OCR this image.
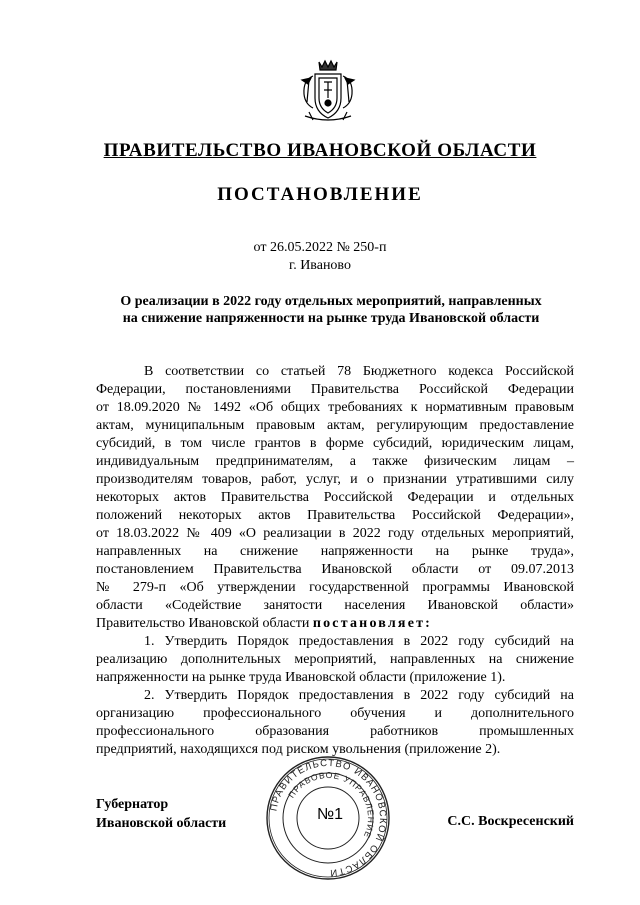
ПРАВИТЕЛЬСТВО ИВАНОВСКОЙ ОБЛАСТИ
ПОСТАНОВЛЕНИЕ
от 26.05.2022 № 250-п
г. Иваново
О реализации в 2022 году отдельных мероприятий, направленных
на снижение напряженности на рынке труда Ивановской области
В соответствии со статьей 78 Бюджетного кодекса Российской
Федерации, постановлениями Правительства Российской Федерации
от 18.09.2020 № 1492 «Об общих требованиях к нормативным правовым
актам, муниципальным правовым актам, регулирующим предоставление
субсидий, в том числе грантов в форме субсидий, юридическим лицам,
индивидуальным предпринимателям, а также физическим лицам –
производителям товаров, работ, услуг, и о признании утратившими силу
некоторых актов Правительства Российской Федерации и отдельных
положений некоторых актов Правительства Российской Федерации»,
от 18.03.2022 № 409 «О реализации в 2022 году отдельных мероприятий,
направленных на снижение напряженности на рынке труда»,
постановлением Правительства Ивановской области от 09.07.2013
№ 279-п «Об утверждении государственной программы Ивановской
области «Содействие занятости населения Ивановской области»
Правительство Ивановской области постановляет:
1. Утвердить Порядок предоставления в 2022 году субсидий на
реализацию дополнительных мероприятий, направленных на снижение
напряженности на рынке труда Ивановской области (приложение 1).
2. Утвердить Порядок предоставления в 2022 году субсидий на
организацию профессионального обучения и дополнительного
профессионального образования работников промышленных
предприятий, находящихся под риском увольнения (приложение 2).
Губернатор
Ивановской области
ПРАВИТЕЛЬСТВО ИВАНОВСКОЙ ОБЛАСТИ
ПРАВОВОЕ УПРАВЛЕНИЕ
№1	С.С. Воскресенский
